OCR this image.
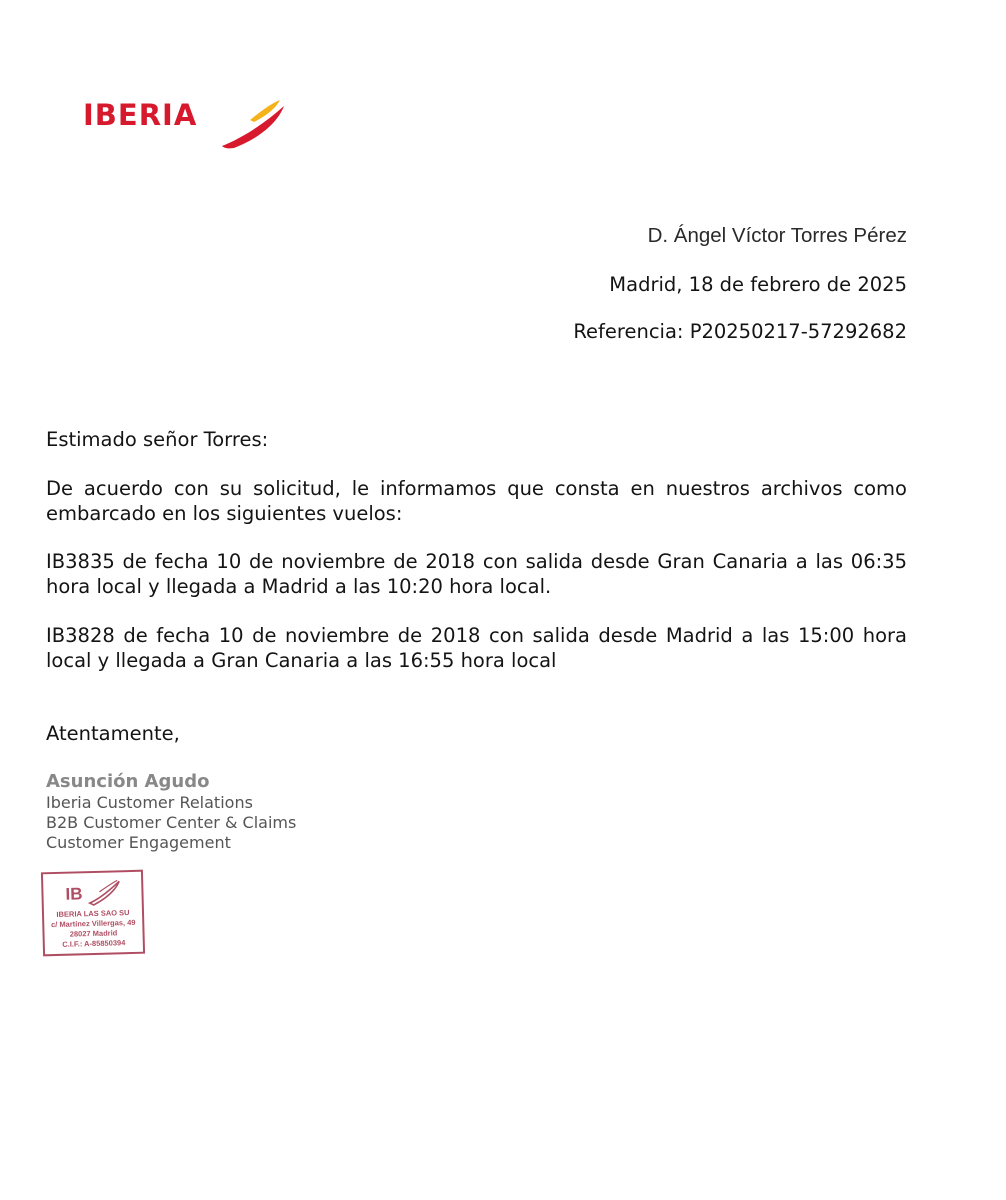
IBERIA
D. Ángel Víctor Torres Pérez
Madrid, 18 de febrero de 2025
Referencia: P20250217-57292682

Estimado señor Torres:

De acuerdo con su solicitud, le informamos que consta en nuestros archivos como embarcado en los siguientes vuelos:

IB3835 de fecha 10 de noviembre de 2018 con salida desde Gran Canaria a las 06:35 hora local y llegada a Madrid a las 10:20 hora local.

IB3828 de fecha 10 de noviembre de 2018 con salida desde Madrid a las 15:00 hora local y llegada a Gran Canaria a las 16:55 hora local

Atentamente,

Asunción Agudo
Iberia Customer Relations
B2B Customer Center & Claims
Customer Engagement
IB
IBERIA LAS SAO SU
c/ Martínez Villergas, 49
28027 Madrid
C.I.F.: A-85850394
